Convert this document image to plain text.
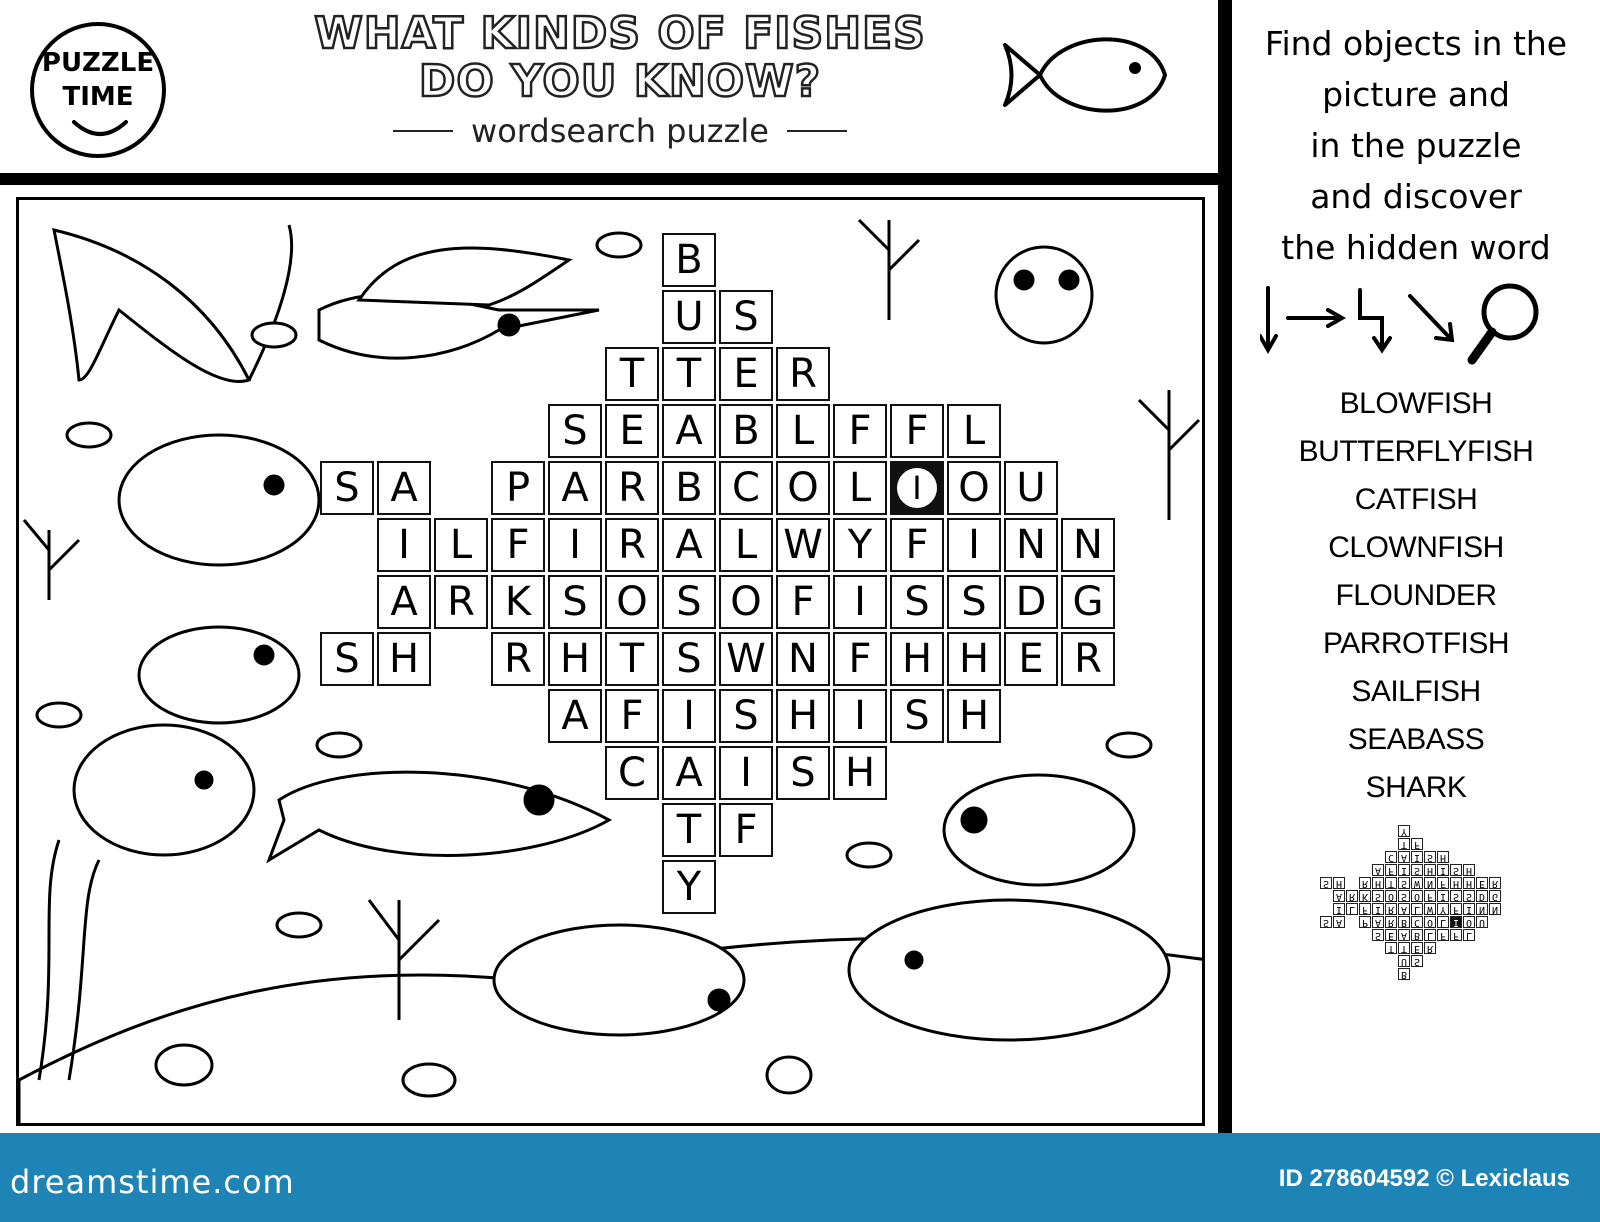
PUZZLE
TIME
WHAT KINDS OF FISHES
DO YOU KNOW?
wordsearch puzzle
B
U S
T T E R
S E A B L F F L
S A	P A R B C O L	I O U
I L F I R A L W Y F I N N
A R K S O S O F I S S D G
S H	R H T S W N F H H E R
A F I S H I S H
C A I S H
T F
Y
Find objects in the
picture and
in the puzzle
and discover
the hidden word
BLOWFISH
BUTTERFLYFISH
CATFISH
CLOWNFISH
FLOUNDER
PARROTFISH
SAILFISH
SEABASS
SHARK
B
U S
T T E R
S E A B L F F L
S A P A R B C O L I O U
I L F I R A L W Y F I N N
A R K S O S O F I S S D G
S H R H T S W N F H H E R
A F I S H I S H
C A I S H
T F
Y
dreamstime.com	ID 278604592 © Lexiclaus
